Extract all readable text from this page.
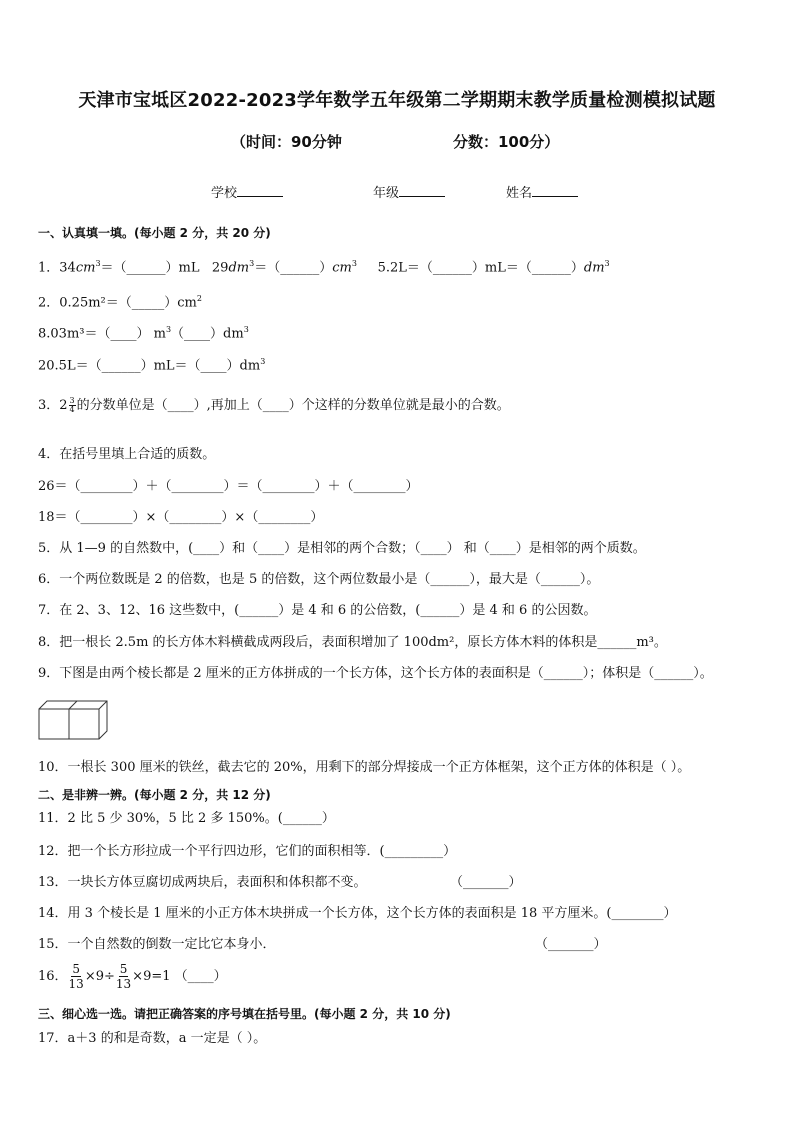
天津市宝坻区2022-2023学年数学五年级第二学期期末教学质量检测模拟试题
（时间：90分钟	分数：100分）
学校	年级	姓名
一、认真填一填。(每小题 2 分，共 20 分)
1．$34cm^3=(\_\_\_\_\_\_)mL$ $29dm^3=(\_\_\_\_\_\_)cm^3$ $5.2L=(\_\_\_\_\_\_)mL=(\_\_\_\_\_\_)dm^3$
2．$0.25m^2=(\_\_\_\_\_)cm^2$
8.03m³＝（____） $m^3(\_\_\_\_)dm^3$
$20.5L=(\_\_\_\_\_\_)mL=(\_\_\_\_)dm^3$
3．$2 \frac{3}{4}$ 的分数单位是（____）,再加上（____）个这样的分数单位就是最小的合数。
4．在括号里填上合适的质数。
26＝（________）＋（________）＝（________）＋（________）
18＝（________）×（________）×（________）
5．从 1—9 的自然数中，(____）和（____）是相邻的两个合数；（____） 和（____）是相邻的两个质数。
6．一个两位数既是 2 的倍数，也是 5 的倍数，这个两位数最小是（______），最大是（______）。
7．在 2、3、12、16 这些数中，(______）是 4 和 6 的公倍数，(______）是 4 和 6 的公因数。
8．把一根长 2.5m 的长方体木料横截成两段后，表面积增加了 100dm²，原长方体木料的体积是______m³。
9．下图是由两个棱长都是 2 厘米的正方体拼成的一个长方体，这个长方体的表面积是（______）；体积是（______）。
10．一根长 300 厘米的铁丝，截去它的 20%，用剩下的部分焊接成一个正方体框架，这个正方体的体积是（ ）。
二、是非辨一辨。(每小题 2 分，共 12 分)
11．2 比 5 少 30%，5 比 2 多 150%。(______）
12．把一个长方形拉成一个平行四边形，它们的面积相等．(_________）
13．一块长方体豆腐切成两块后，表面积和体积都不变。	（_______）
14．用 3 个棱长是 1 厘米的小正方体木块拼成一个长方体，这个长方体的表面积是 18 平方厘米。(________）
15．一个自然数的倒数一定比它本身小．	（_______）
16． $\frac{5}{13} \times 9\div \frac{5}{13} \times 9=1$ （____）
三、细心选一选。请把正确答案的序号填在括号里。(每小题 2 分，共 10 分)
17．a＋3 的和是奇数，a 一定是（ ）。
